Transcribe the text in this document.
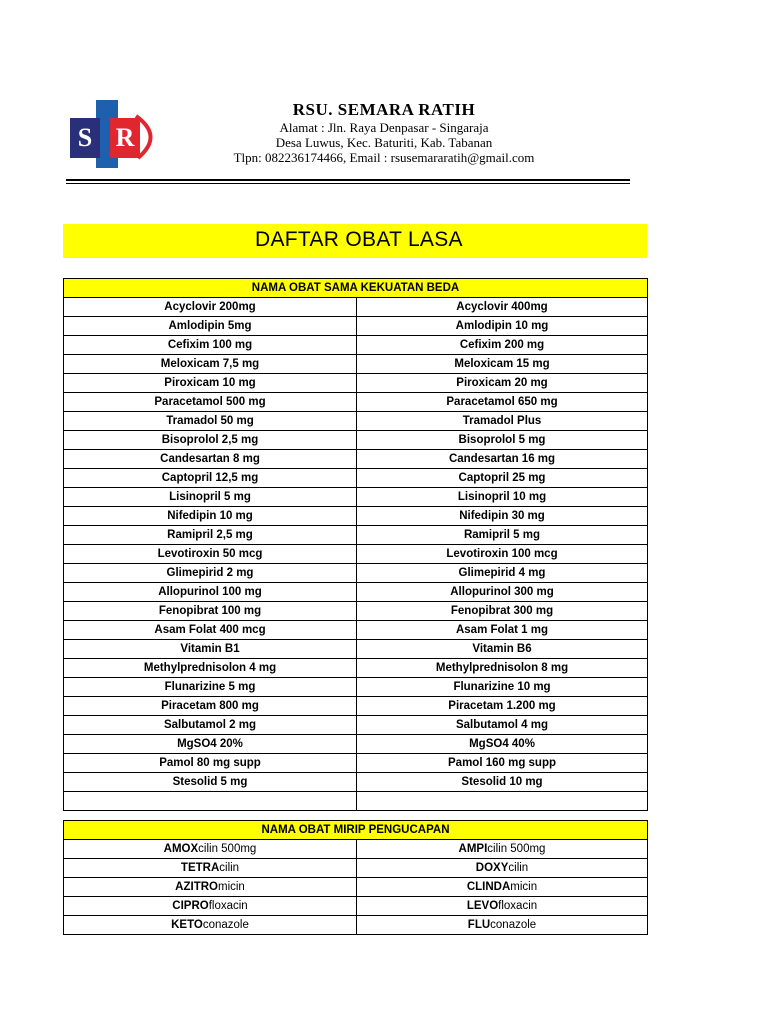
S R
RSU. SEMARA RATIH
Alamat : Jln. Raya Denpasar - Singaraja
Desa Luwus, Kec. Baturiti, Kab. Tabanan
Tlpn: 082236174466, Email : rsusemararatih@gmail.com
DAFTAR OBAT LASA
NAMA OBAT SAMA KEKUATAN BEDA	
Acyclovir 200mg	Acyclovir 400mg
Amlodipin 5mg	Amlodipin 10 mg
Cefixim 100 mg	Cefixim 200 mg
Meloxicam 7,5 mg	Meloxicam 15 mg
Piroxicam 10 mg	Piroxicam 20 mg
Paracetamol 500 mg	Paracetamol 650 mg
Tramadol 50 mg	Tramadol Plus
Bisoprolol 2,5 mg	Bisoprolol 5 mg
Candesartan 8 mg	Candesartan 16 mg
Captopril 12,5 mg	Captopril 25 mg
Lisinopril 5 mg	Lisinopril 10 mg
Nifedipin 10 mg	Nifedipin 30 mg
Ramipril 2,5 mg	Ramipril 5 mg
Levotiroxin 50 mcg	Levotiroxin 100 mcg
Glimepirid 2 mg	Glimepirid 4 mg
Allopurinol 100 mg	Allopurinol 300 mg
Fenopibrat 100 mg	Fenopibrat 300 mg
Asam Folat 400 mcg	Asam Folat 1 mg
Vitamin B1	Vitamin B6
Methylprednisolon 4 mg	Methylprednisolon 8 mg
Flunarizine 5 mg	Flunarizine 10 mg
Piracetam 800 mg	Piracetam 1.200 mg
Salbutamol 2 mg	Salbutamol 4 mg
MgSO4 20%	MgSO4 40%
Pamol 80 mg supp	Pamol 160 mg supp
Stesolid 5 mg	Stesolid 10 mg

NAMA OBAT MIRIP PENGUCAPAN	
AMOXcilin 500mg	AMPIcilin 500mg
TETRAcilin	DOXYcilin
AZITROmicin	CLINDAmicin
CIPROfloxacin	LEVOfloxacin
KETOconazole	FLUconazole
